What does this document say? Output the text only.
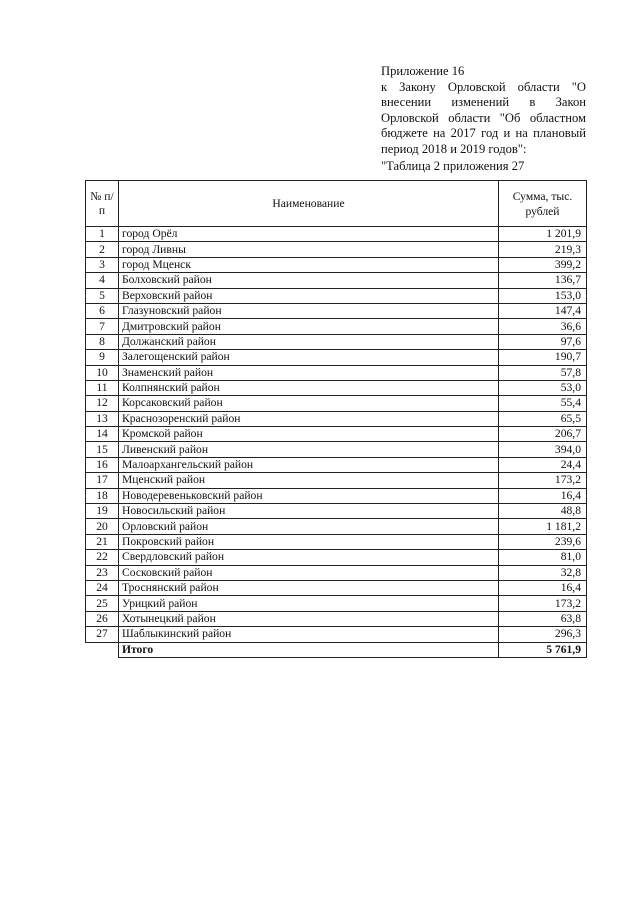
Приложение 16
к Закону Орловской области "О
внесении изменений в Закон
Орловской области "Об областном
бюджете на 2017 год и на плановый
период 2018 и 2019 годов":
"Таблица 2 приложения 27
№ п/п	Наименование	Сумма, тыс. рублей
1	город Орёл	1 201,9
2	город Ливны	219,3
3	город Мценск	399,2
4	Болховский район	136,7
5	Верховский район	153,0
6	Глазуновский район	147,4
7	Дмитровский район	36,6
8	Должанский район	97,6
9	Залегощенский район	190,7
10	Знаменский район	57,8
11	Колпнянский район	53,0
12	Корсаковский район	55,4
13	Краснозоренский район	65,5
14	Кромской район	206,7
15	Ливенский район	394,0
16	Малоархангельский район	24,4
17	Мценский район	173,2
18	Новодеревеньковский район	16,4
19	Новосильский район	48,8
20	Орловский район	1 181,2
21	Покровский район	239,6
22	Свердловский район	81,0
23	Сосковский район	32,8
24	Троснянский район	16,4
25	Урицкий район	173,2
26	Хотынецкий район	63,8
27	Шаблыкинский район	296,3
	Итого	5 761,9
